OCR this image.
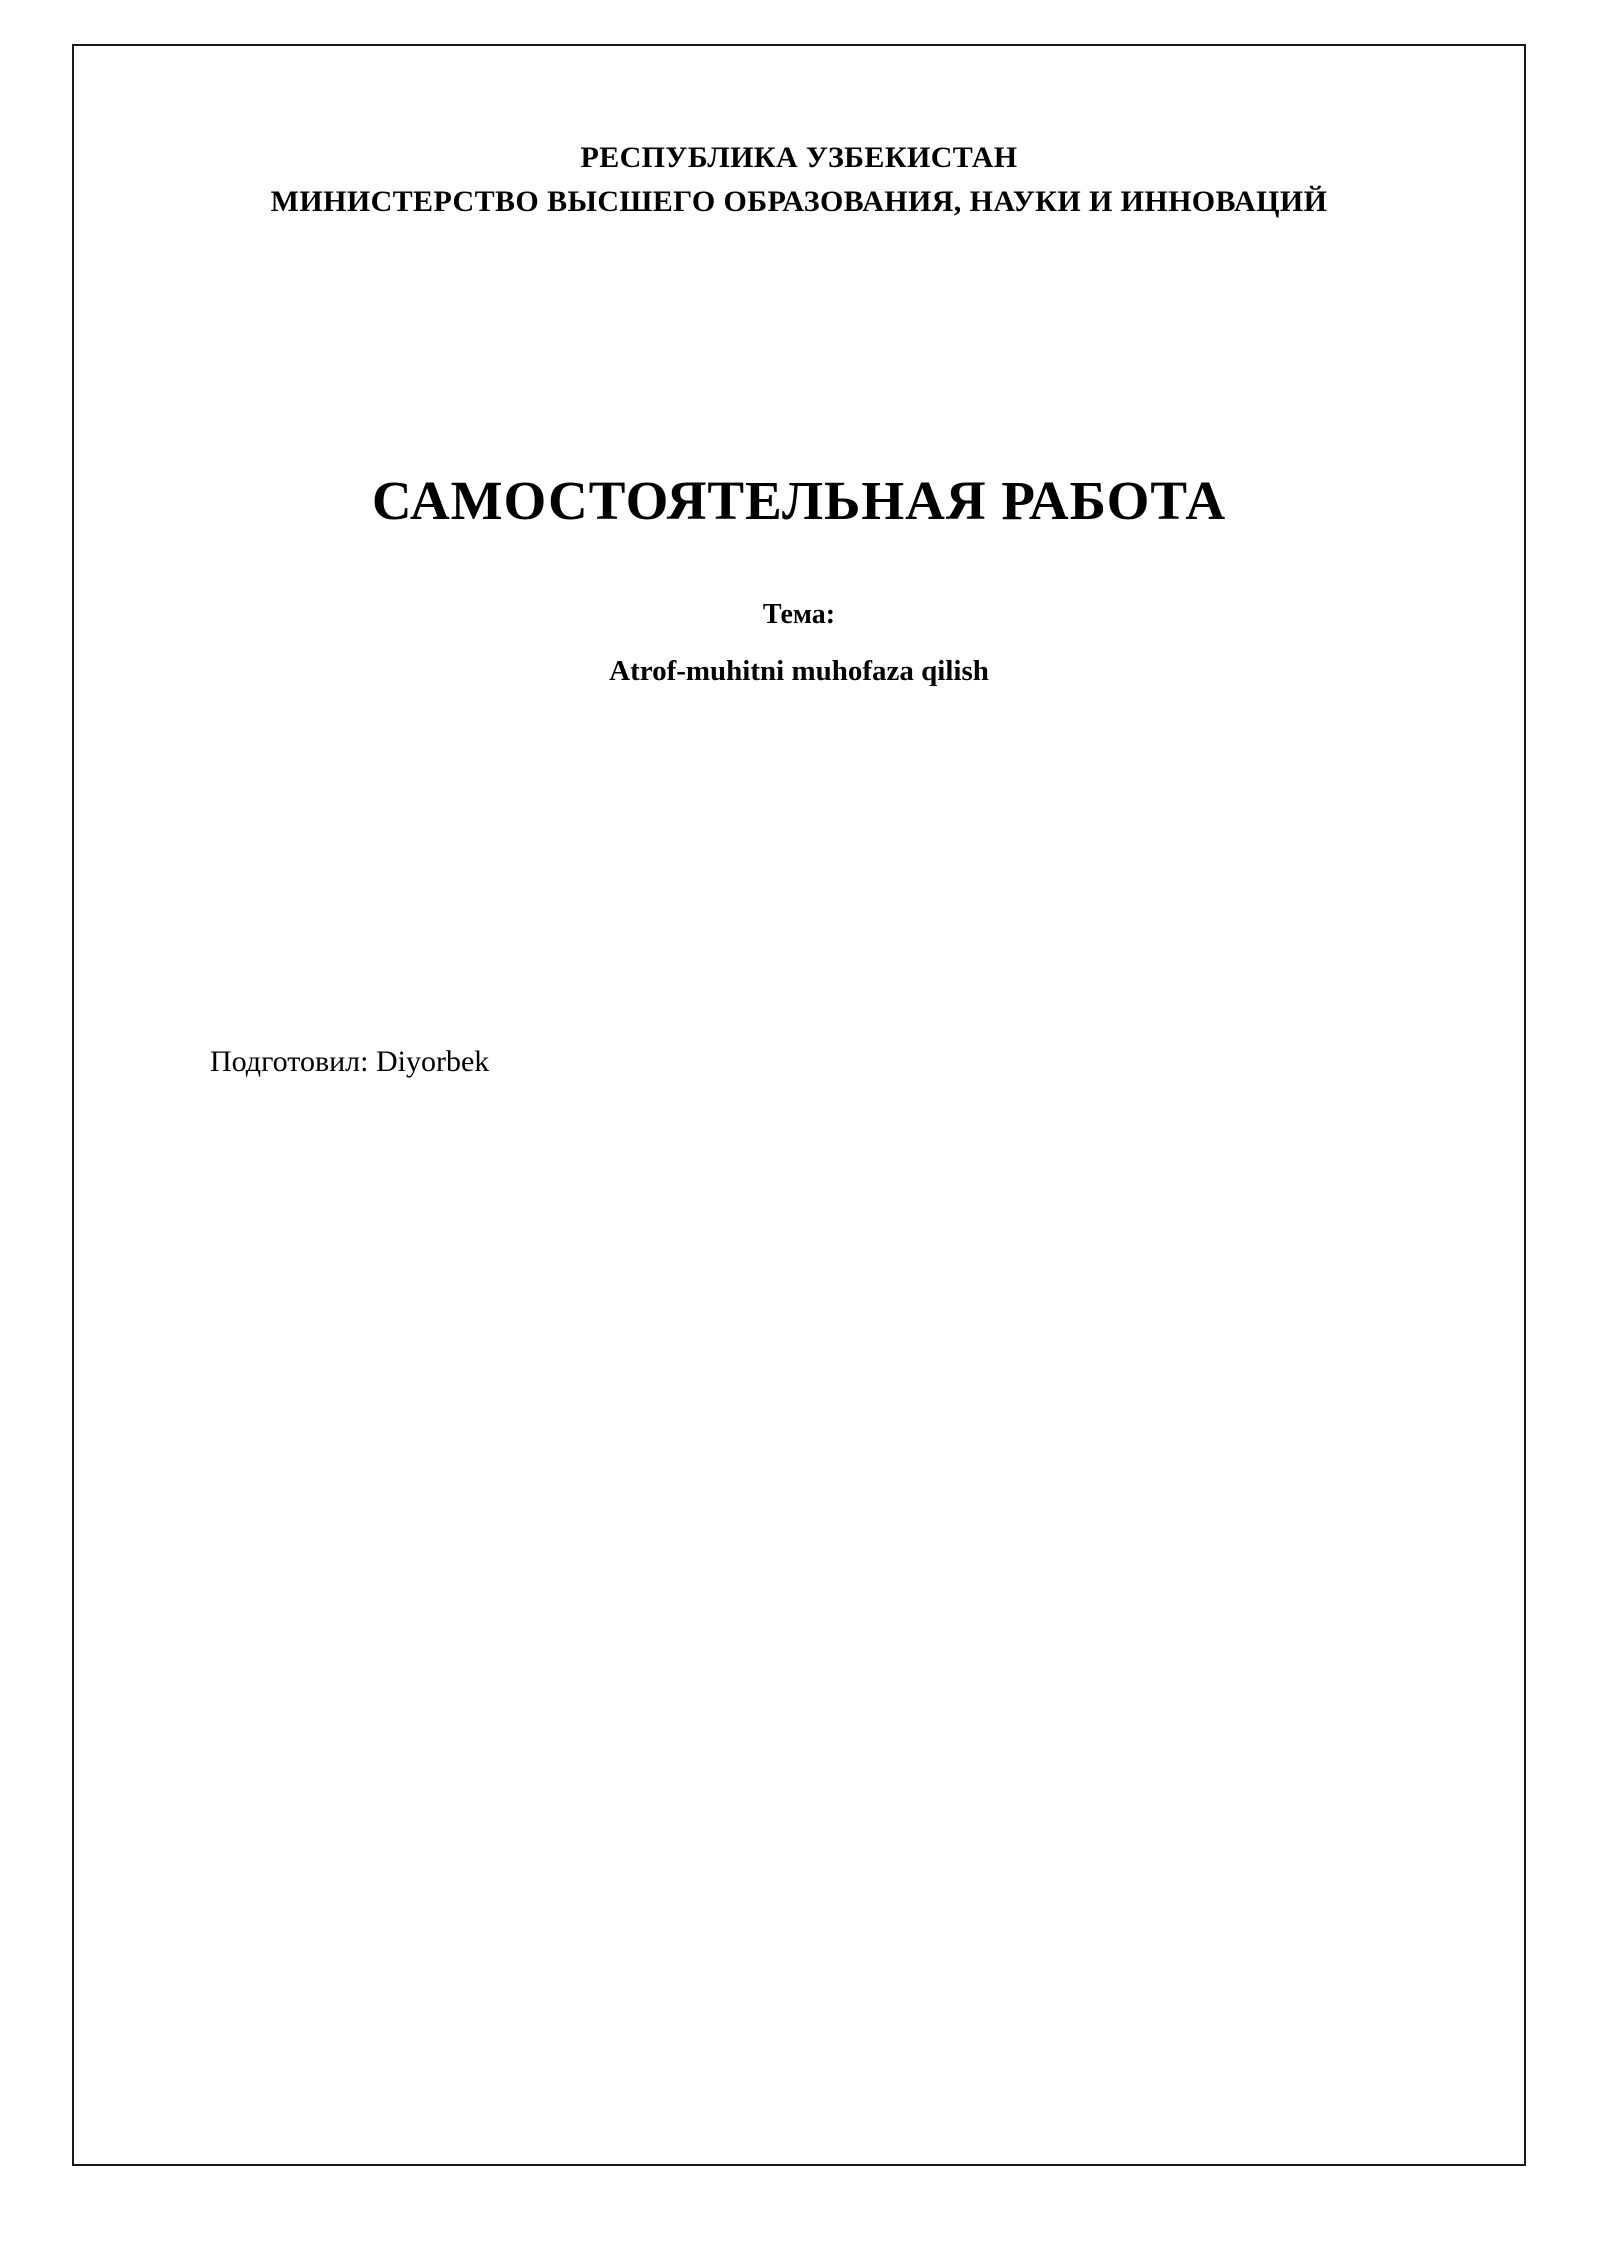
РЕСПУБЛИКА УЗБЕКИСТАН
МИНИСТЕРСТВО ВЫСШЕГО ОБРАЗОВАНИЯ, НАУКИ И ИННОВАЦИЙ
САМОСТОЯТЕЛЬНАЯ РАБОТА
Тема:
Atrof-muhitni muhofaza qilish
Подготовил: Diyorbek
